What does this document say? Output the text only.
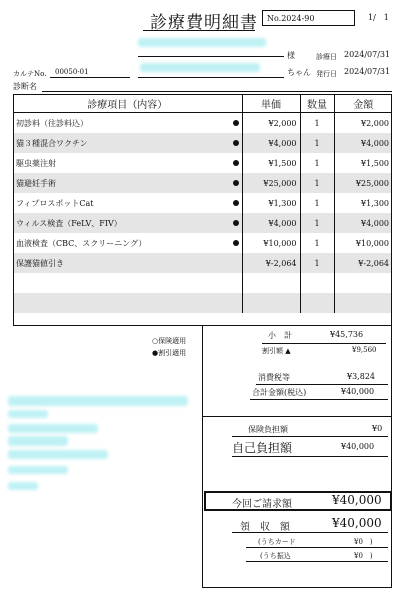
診療費明細書	No.2024-90	1/　1
様	診療日 2024/07/31
カルテNo. 00050-01	ちゃん 発行日 2024/07/31
診断名
診療項目（内容）	単価	数量	金額
初診料（往診料込）	¥2,000	1	¥2,000
猫３種混合ワクチン	¥4,000	1	¥4,000
駆虫薬注射	¥1,500	1	¥1,500
猫避妊手術	¥25,000	1	¥25,000
フィプロスポットCat	¥1,300	1	¥1,300
ウィルス検査（FeLV、FIV）	¥4,000	1	¥4,000
血液検査（CBC、スクリーニング）	¥10,000	1	¥10,000
保護猫値引き	¥-2,064	1	¥-2,064

○保険適用
●割引適用
小　計	¥45,736
割引額 ▲	¥9,560
消費税等	¥3,824
合計金額(税込)	¥40,000
保険負担額	¥0
自己負担額	¥40,000
今回ご請求額	¥40,000
領　収　額	¥40,000
(うちカード	¥0　)
(うち振込	¥0　)
